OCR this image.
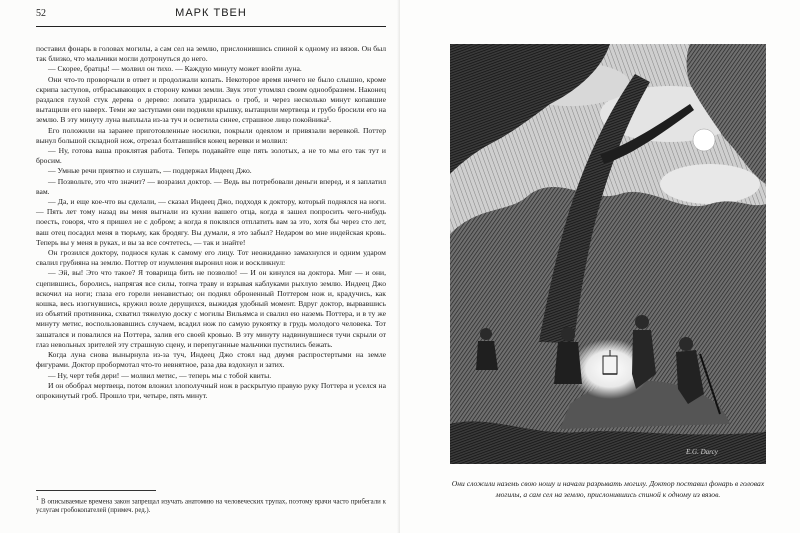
52	МАРК ТВЕН

поставил фонарь в головах могилы, а сам сел на землю, прислонившись спиной к одному из вязов. Он был так близко, что мальчики могли дотронуться до него.

— Скорее, братцы! — молвил он тихо. — Каждую минуту может взойти луна.

Они что-то проворчали в ответ и продолжали копать. Некоторое время ничего не было слышно, кроме скрипа заступов, отбрасывающих в сторону комки земли. Звук этот утомлял своим однообразием. Наконец раздался глухой стук дерева о дерево: лопата ударилась о гроб, и через несколько минут копавшие вытащили его наверх. Теми же заступами они подняли крышку, вытащили мертвеца и грубо бросили его на землю. В эту минуту луна выплыла из-за туч и осветила синее, страшное лицо покойника¹.

Его положили на заранее приготовленные носилки, покрыли одеялом и привязали веревкой. Поттер вынул большой складной нож, отрезал болтавшийся конец веревки и молвил:

— Ну, готова ваша проклятая работа. Теперь подавайте еще пять золотых, а не то мы его так тут и бросим.

— Умные речи приятно и слушать, — поддержал Индеец Джо.

— Позвольте, это что значит? — возразил доктор. — Ведь вы потребовали деньги вперед, и я заплатил вам.

— Да, и еще кое-что вы сделали, — сказал Индеец Джо, подходя к доктору, который поднялся на ноги. — Пять лет тому назад вы меня выгнали из кухни вашего отца, когда я зашел попросить чего-нибудь поесть, говоря, что я пришел не с добром; а когда я поклялся отплатить вам за это, хотя бы через сто лет, ваш отец посадил меня в тюрьму, как бродягу. Вы думали, я это забыл? Недаром во мне индейская кровь. Теперь вы у меня в руках, и вы за все сочтетесь, — так и знайте!

Он грозился доктору, поднося кулак к самому его лицу. Тот неожиданно замахнулся и одним ударом свалил грубияна на землю. Поттер от изумления выронил нож и воскликнул:

— Эй, вы! Это что такое? Я товарища бить не позволю! — И он кинулся на доктора. Миг — и они, сцепившись, боролись, напрягая все силы, топча траву и взрывая каблуками рыхлую землю. Индеец Джо вскочил на ноги; глаза его горели ненавистью; он поднял оброненный Поттером нож и, крадучись, как кошка, весь изогнувшись, кружил возле дерущихся, выжидая удобный момент. Вдруг доктор, вырвавшись из объятий противника, схватил тяжелую доску с могилы Вильямса и свалил ею наземь Поттера, и в ту же минуту метис, воспользовавшись случаем, всадил нож по самую рукоятку в грудь молодого человека. Тот зашатался и повалился на Поттера, залив его своей кровью. В эту минуту надвинувшиеся тучи скрыли от глаз невольных зрителей эту страшную сцену, и перепуганные мальчики пустились бежать.

Когда луна снова вынырнула из-за туч, Индеец Джо стоял над двумя распростертыми на земле фигурами. Доктор пробормотал что-то невнятное, раза два вздохнул и затих.

— Ну, черт тебя дери! — молвил метис, — теперь мы с тобой квиты.

И он обобрал мертвеца, потом вложил злополучный нож в раскрытую правую руку Поттера и уселся на опрокинутый гроб. Прошло три, четыре, пять минут.

1 В описываемые времена закон запрещал изучать анатомию на человеческих трупах, поэтому врачи часто прибегали к услугам гробокопателей (примеч. ред.).
E.G. Darcy
Они сложили наземь свою ношу и начали разрывать могилу. Доктор поставил фонарь в головах могилы, а сам сел на землю, прислонившись спиной к одному из вязов.
